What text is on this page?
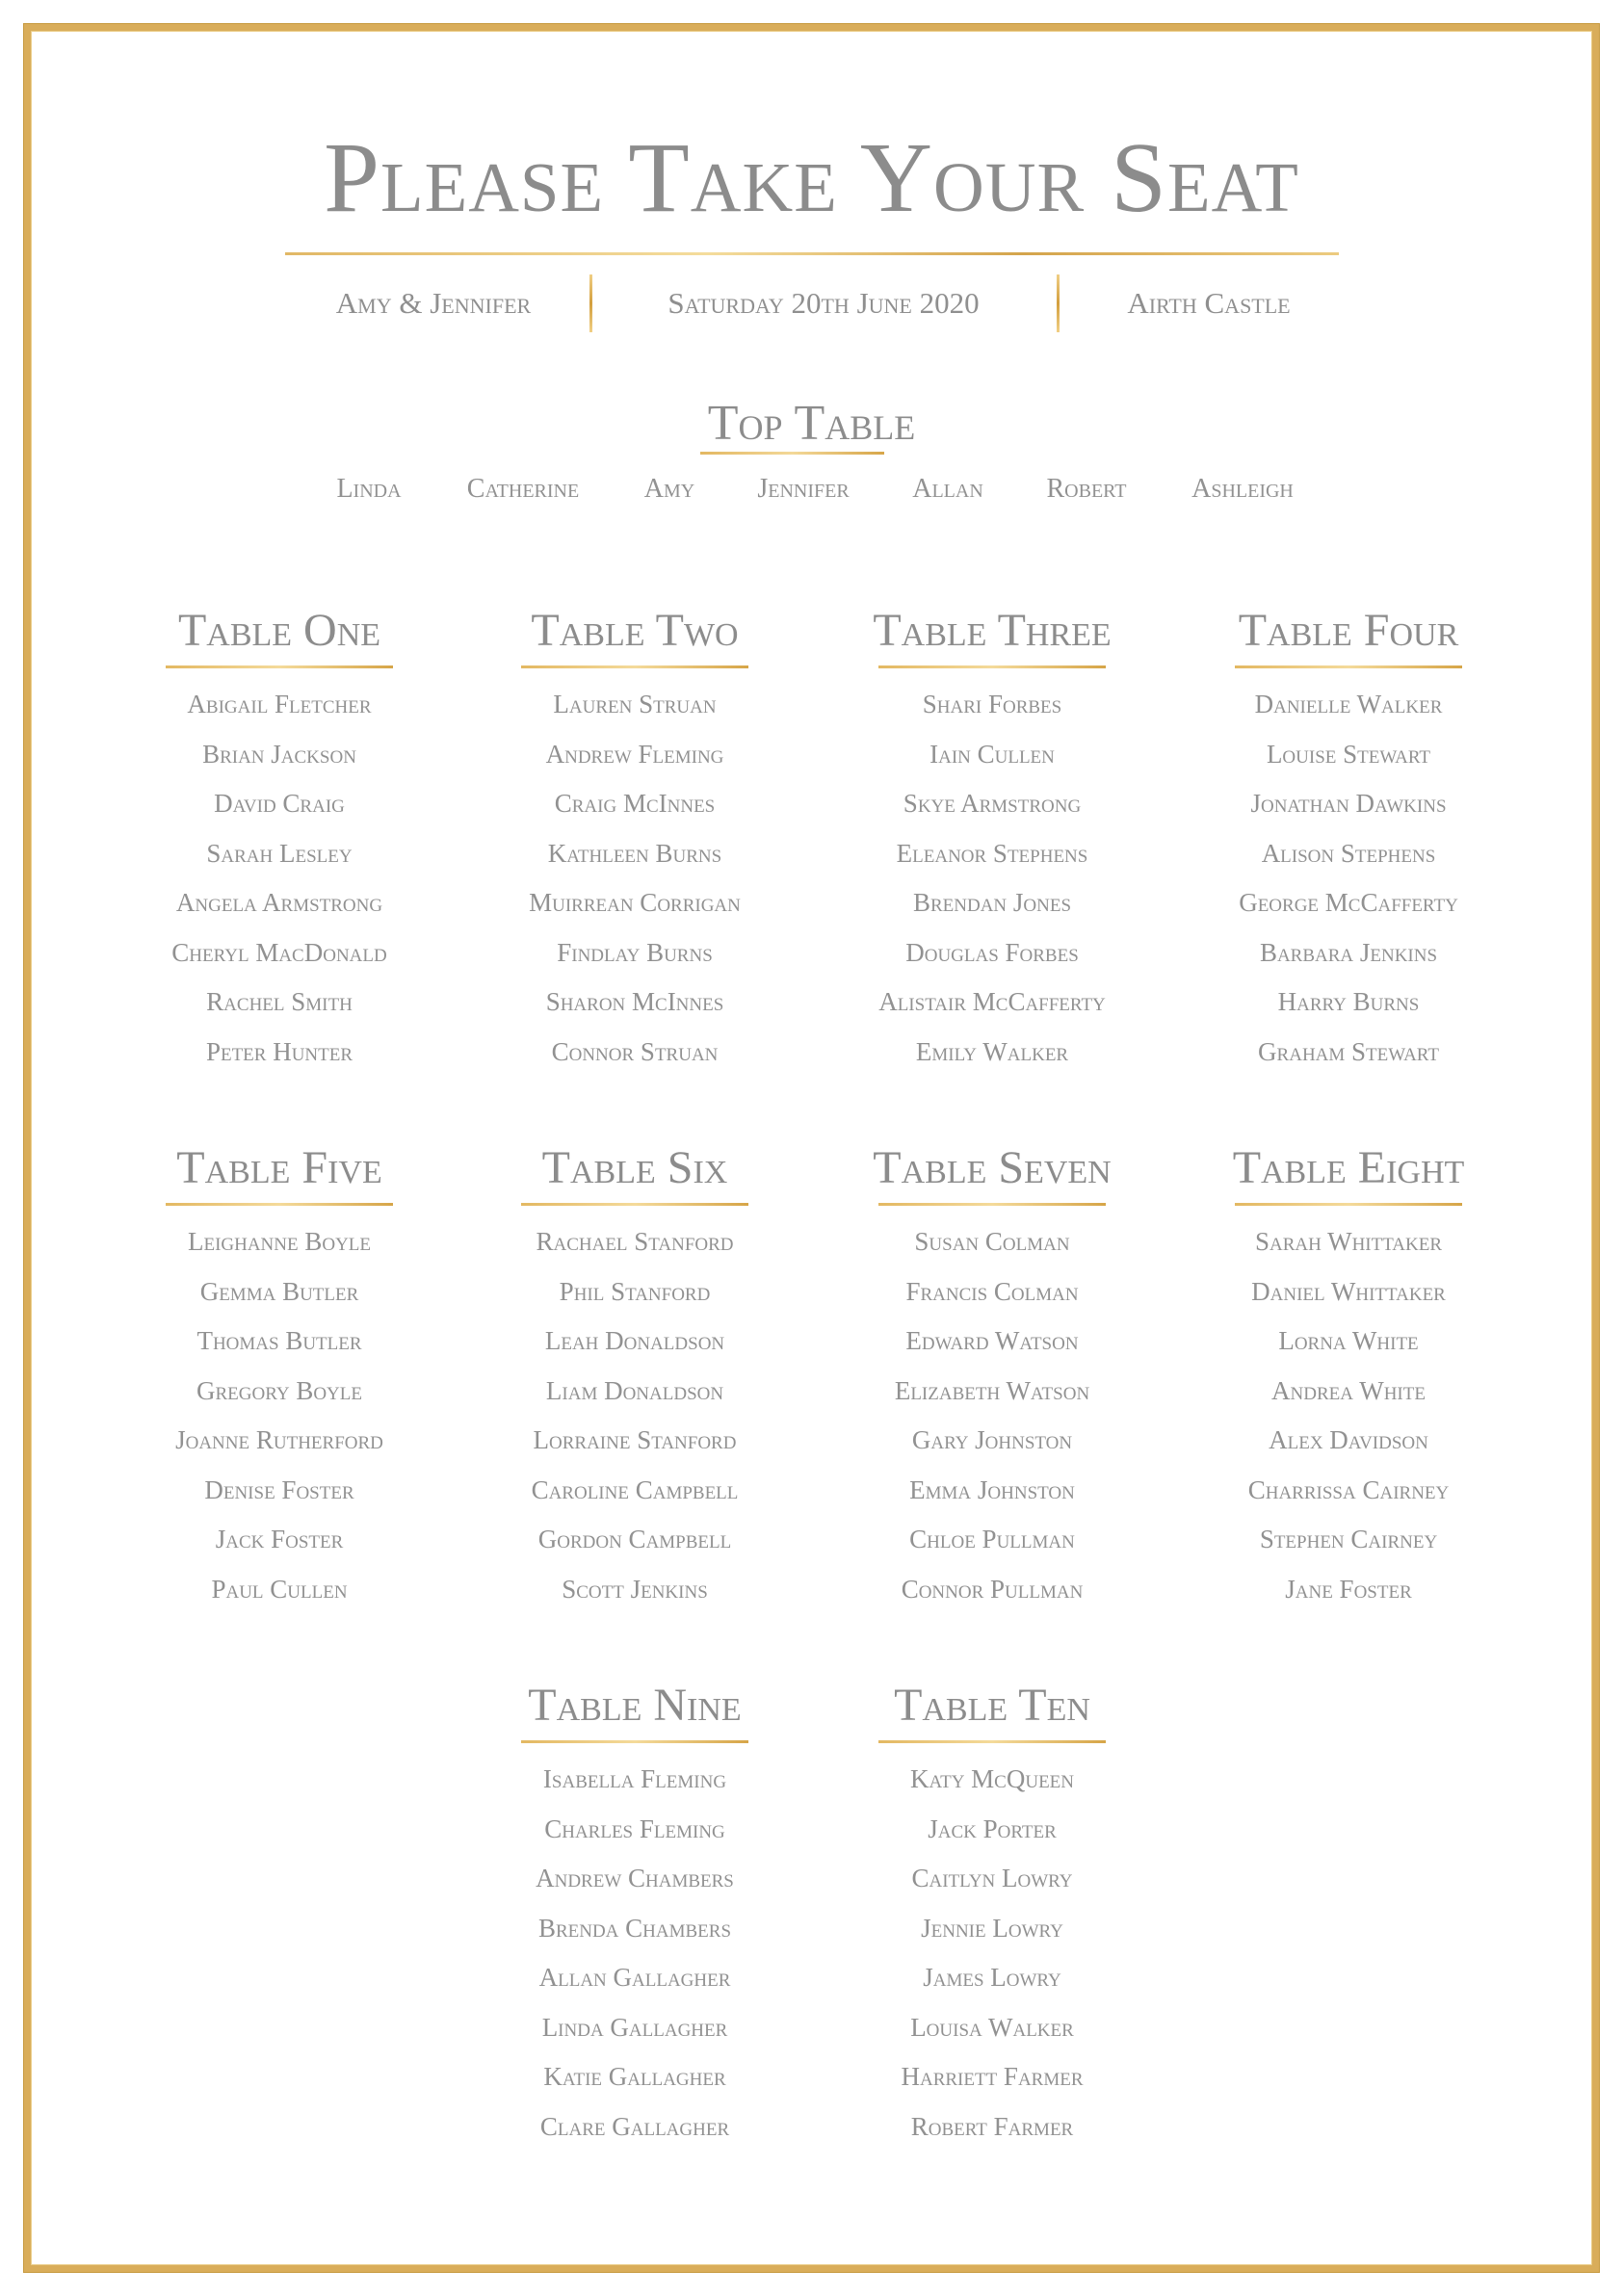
Please Take Your Seat
Amy & Jennifer	Saturday 20th June 2020	Airth Castle
Top Table
Linda Catherine Amy Jennifer Allan Robert Ashleigh
Table One
Abigail Fletcher
Brian Jackson
David Craig
Sarah Lesley
Angela Armstrong
Cheryl MacDonald
Rachel Smith
Peter Hunter
Table Two
Lauren Struan
Andrew Fleming
Craig McInnes
Kathleen Burns
Muirrean Corrigan
Findlay Burns
Sharon McInnes
Connor Struan
Table Three
Shari Forbes
Iain Cullen
Skye Armstrong
Eleanor Stephens
Brendan Jones
Douglas Forbes
Alistair McCafferty
Emily Walker
Table Four
Danielle Walker
Louise Stewart
Jonathan Dawkins
Alison Stephens
George McCafferty
Barbara Jenkins
Harry Burns
Graham Stewart
Table Five
Leighanne Boyle
Gemma Butler
Thomas Butler
Gregory Boyle
Joanne Rutherford
Denise Foster
Jack Foster
Paul Cullen
Table Six
Rachael Stanford
Phil Stanford
Leah Donaldson
Liam Donaldson
Lorraine Stanford
Caroline Campbell
Gordon Campbell
Scott Jenkins
Table Seven
Susan Colman
Francis Colman
Edward Watson
Elizabeth Watson
Gary Johnston
Emma Johnston
Chloe Pullman
Connor Pullman
Table Eight
Sarah Whittaker
Daniel Whittaker
Lorna White
Andrea White
Alex Davidson
Charrissa Cairney
Stephen Cairney
Jane Foster
Table Nine
Isabella Fleming
Charles Fleming
Andrew Chambers
Brenda Chambers
Allan Gallagher
Linda Gallagher
Katie Gallagher
Clare Gallagher
Table Ten
Katy McQueen
Jack Porter
Caitlyn Lowry
Jennie Lowry
James Lowry
Louisa Walker
Harriett Farmer
Robert Farmer
